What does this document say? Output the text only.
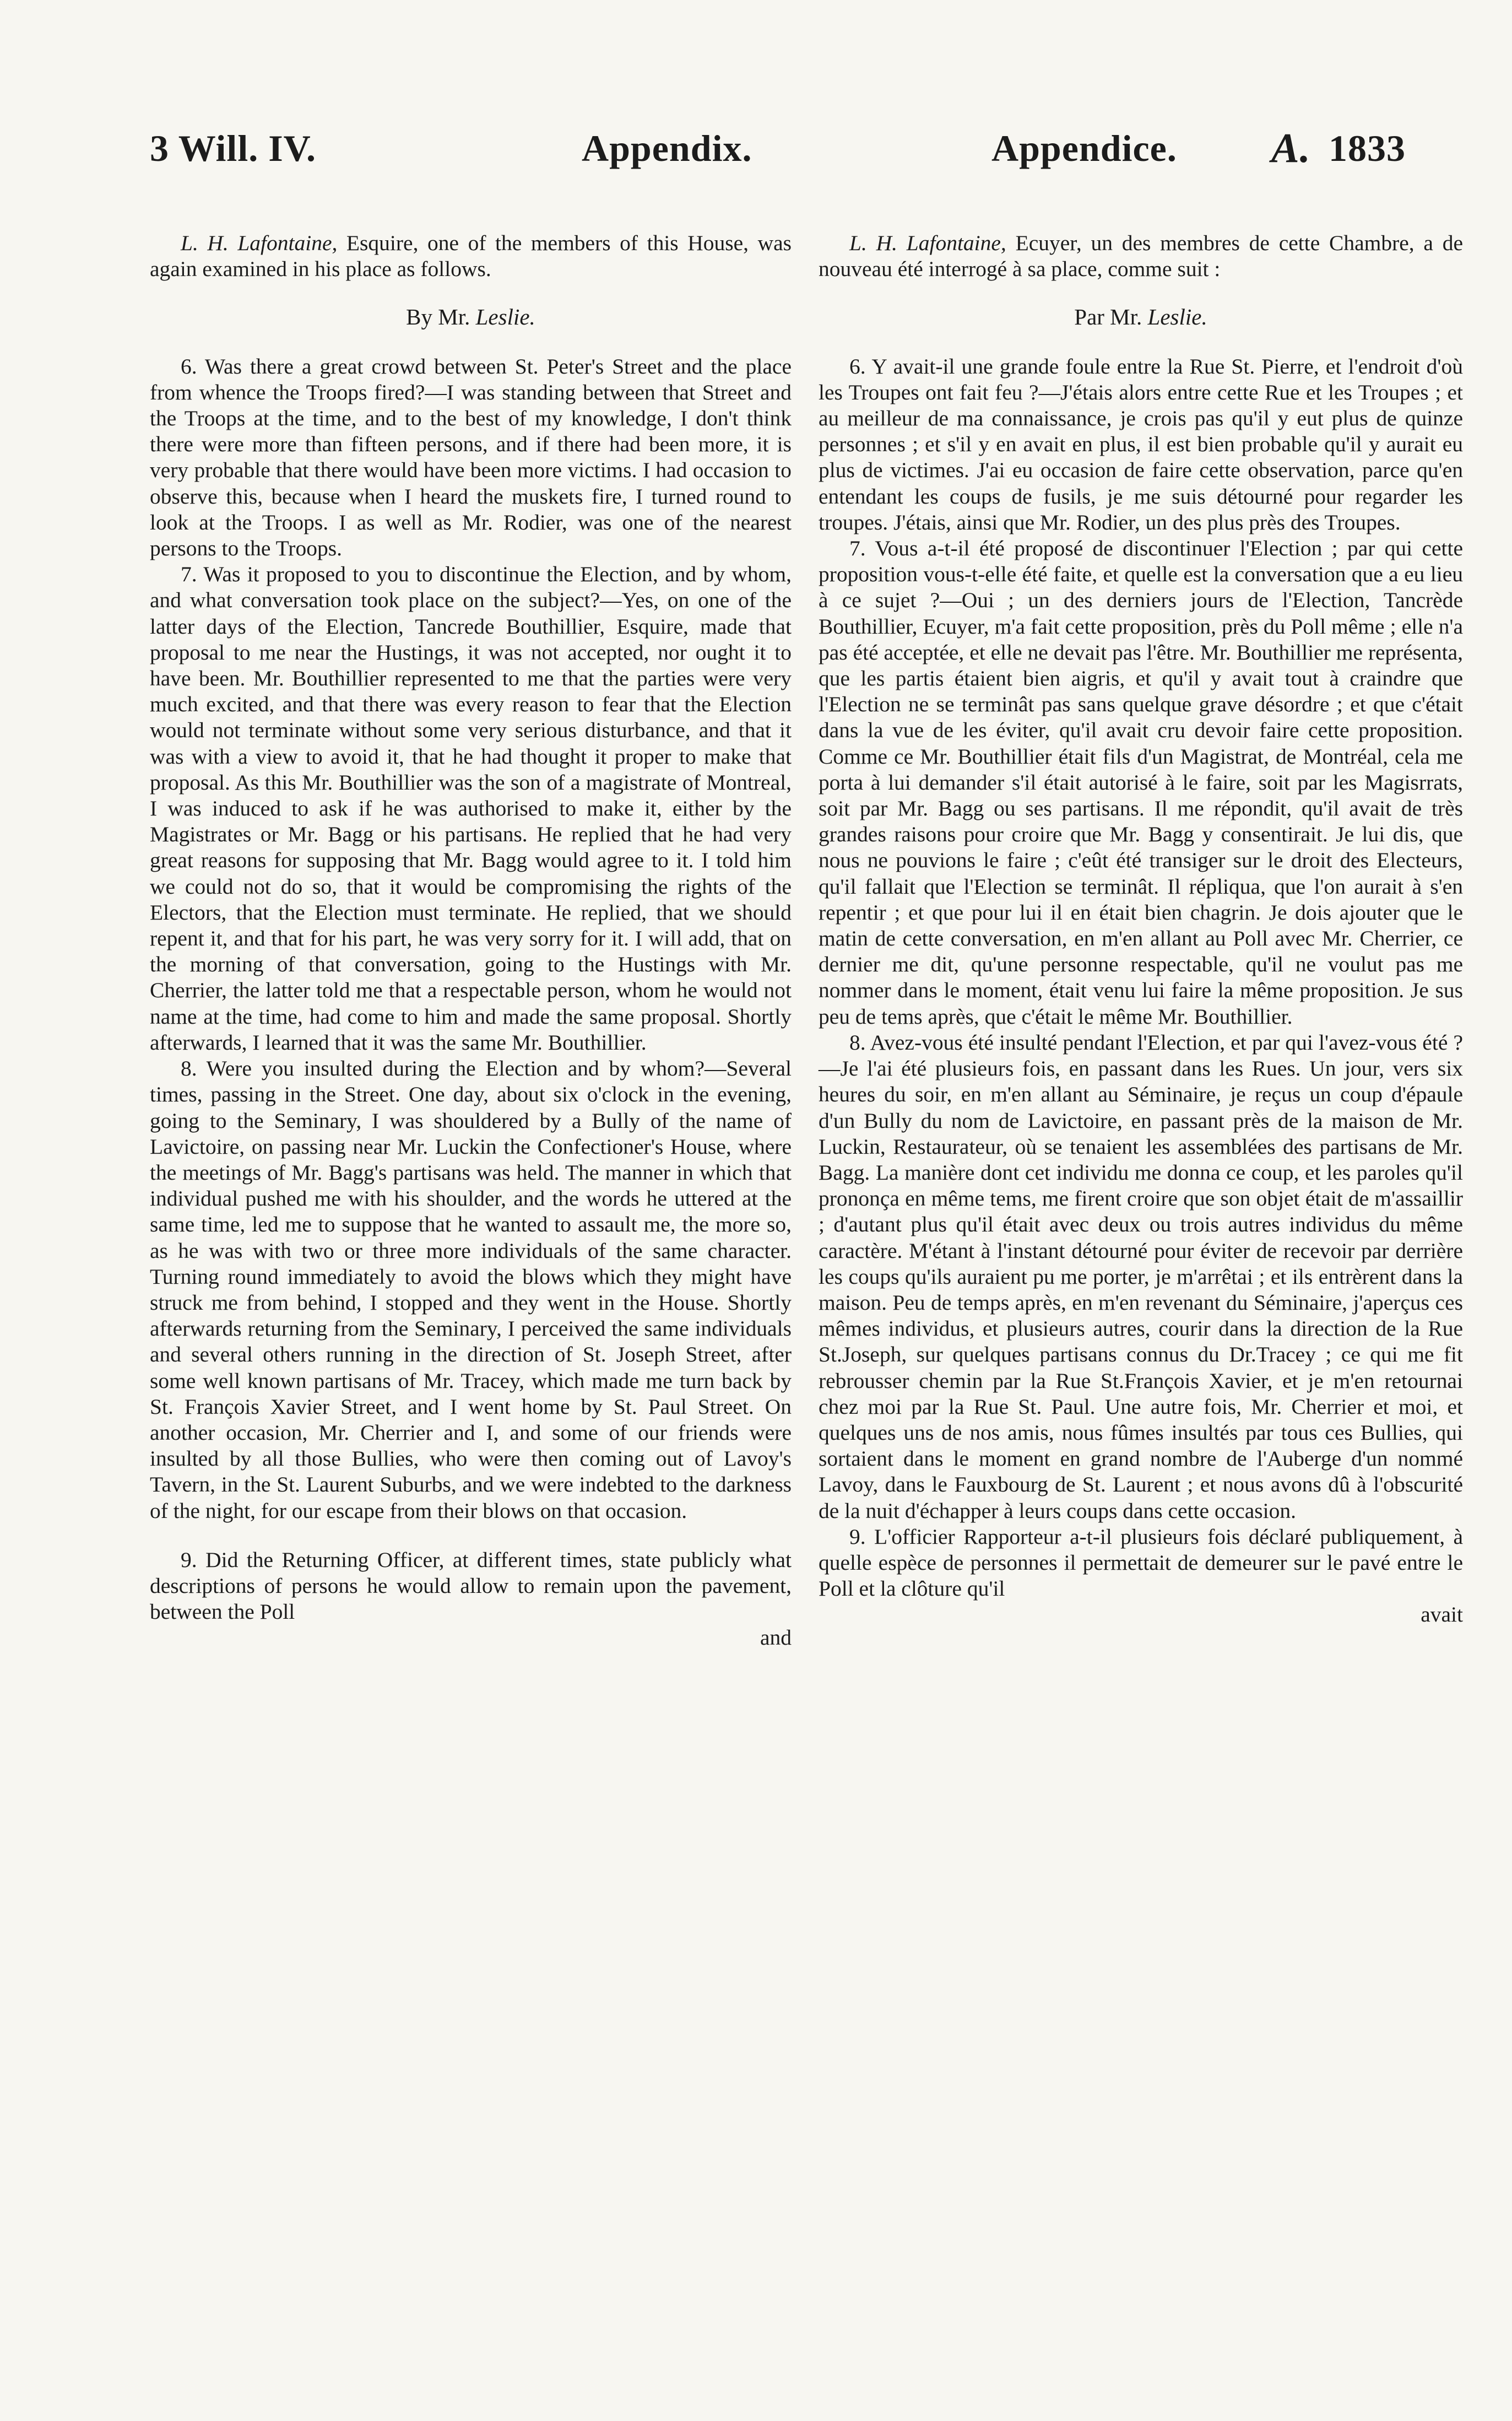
3 Will. IV.	Appendix.	Appendice. A. 1833

L. H. Lafontaine, Esquire, one of the members of this House, was again examined in his place as follows.

By Mr. Leslie.

6. Was there a great crowd between St. Peter's Street and the place from whence the Troops fired?—I was standing between that Street and the Troops at the time, and to the best of my knowledge, I don't think there were more than fifteen persons, and if there had been more, it is very probable that there would have been more victims. I had occasion to observe this, because when I heard the muskets fire, I turned round to look at the Troops. I as well as Mr. Rodier, was one of the nearest persons to the Troops.

7. Was it proposed to you to discontinue the Election, and by whom, and what conversation took place on the subject?—Yes, on one of the latter days of the Election, Tancrede Bouthillier, Esquire, made that proposal to me near the Hustings, it was not accepted, nor ought it to have been. Mr. Bouthillier represented to me that the parties were very much excited, and that there was every reason to fear that the Election would not terminate without some very serious disturbance, and that it was with a view to avoid it, that he had thought it proper to make that proposal. As this Mr. Bouthillier was the son of a magistrate of Montreal, I was induced to ask if he was authorised to make it, either by the Magistrates or Mr. Bagg or his partisans. He replied that he had very great reasons for supposing that Mr. Bagg would agree to it. I told him we could not do so, that it would be compromising the rights of the Electors, that the Election must terminate. He replied, that we should repent it, and that for his part, he was very sorry for it. I will add, that on the morning of that conversation, going to the Hustings with Mr. Cherrier, the latter told me that a respectable person, whom he would not name at the time, had come to him and made the same proposal. Shortly afterwards, I learned that it was the same Mr. Bouthillier.

8. Were you insulted during the Election and by whom?—Several times, passing in the Street. One day, about six o'clock in the evening, going to the Seminary, I was shouldered by a Bully of the name of Lavictoire, on passing near Mr. Luckin the Confectioner's House, where the meetings of Mr. Bagg's partisans was held. The manner in which that individual pushed me with his shoulder, and the words he uttered at the same time, led me to suppose that he wanted to assault me, the more so, as he was with two or three more individuals of the same character. Turning round immediately to avoid the blows which they might have struck me from behind, I stopped and they went in the House. Shortly afterwards returning from the Seminary, I perceived the same individuals and several others running in the direction of St. Joseph Street, after some well known partisans of Mr. Tracey, which made me turn back by St. François Xavier Street, and I went home by St. Paul Street. On another occasion, Mr. Cherrier and I, and some of our friends were insulted by all those Bullies, who were then coming out of Lavoy's Tavern, in the St. Laurent Suburbs, and we were indebted to the darkness of the night, for our escape from their blows on that occasion.

9. Did the Returning Officer, at different times, state publicly what descriptions of persons he would allow to remain upon the pavement, between the Poll

and

L. H. Lafontaine, Ecuyer, un des membres de cette Chambre, a de nouveau été interrogé à sa place, comme suit :

Par Mr. Leslie.

6. Y avait-il une grande foule entre la Rue St. Pierre, et l'endroit d'où les Troupes ont fait feu ?—J'étais alors entre cette Rue et les Troupes ; et au meilleur de ma connaissance, je crois pas qu'il y eut plus de quinze personnes ; et s'il y en avait en plus, il est bien probable qu'il y aurait eu plus de victimes. J'ai eu occasion de faire cette observation, parce qu'en entendant les coups de fusils, je me suis détourné pour regarder les troupes. J'étais, ainsi que Mr. Rodier, un des plus près des Troupes.

7. Vous a-t-il été proposé de discontinuer l'Election ; par qui cette proposition vous-t-elle été faite, et quelle est la conversation que a eu lieu à ce sujet ?—Oui ; un des derniers jours de l'Election, Tancrède Bouthillier, Ecuyer, m'a fait cette proposition, près du Poll même ; elle n'a pas été acceptée, et elle ne devait pas l'être. Mr. Bouthillier me représenta, que les partis étaient bien aigris, et qu'il y avait tout à craindre que l'Election ne se terminât pas sans quelque grave désordre ; et que c'était dans la vue de les éviter, qu'il avait cru devoir faire cette proposition. Comme ce Mr. Bouthillier était fils d'un Magistrat, de Montréal, cela me porta à lui demander s'il était autorisé à le faire, soit par les Magisrrats, soit par Mr. Bagg ou ses partisans. Il me répondit, qu'il avait de très grandes raisons pour croire que Mr. Bagg y consentirait. Je lui dis, que nous ne pouvions le faire ; c'eût été transiger sur le droit des Electeurs, qu'il fallait que l'Election se terminât. Il répliqua, que l'on aurait à s'en repentir ; et que pour lui il en était bien chagrin. Je dois ajouter que le matin de cette conversation, en m'en allant au Poll avec Mr. Cherrier, ce dernier me dit, qu'une personne respectable, qu'il ne voulut pas me nommer dans le moment, était venu lui faire la même proposition. Je sus peu de tems après, que c'était le même Mr. Bouthillier.

8. Avez-vous été insulté pendant l'Election, et par qui l'avez-vous été ?—Je l'ai été plusieurs fois, en passant dans les Rues. Un jour, vers six heures du soir, en m'en allant au Séminaire, je reçus un coup d'épaule d'un Bully du nom de Lavictoire, en passant près de la maison de Mr. Luckin, Restaurateur, où se tenaient les assemblées des partisans de Mr. Bagg. La manière dont cet individu me donna ce coup, et les paroles qu'il prononça en même tems, me firent croire que son objet était de m'assaillir ; d'autant plus qu'il était avec deux ou trois autres individus du même caractère. M'étant à l'instant détourné pour éviter de recevoir par derrière les coups qu'ils auraient pu me porter, je m'arrêtai ; et ils entrèrent dans la maison. Peu de temps après, en m'en revenant du Séminaire, j'aperçus ces mêmes individus, et plusieurs autres, courir dans la direction de la Rue St.Joseph, sur quelques partisans connus du Dr.Tracey ; ce qui me fit rebrousser chemin par la Rue St.François Xavier, et je m'en retournai chez moi par la Rue St. Paul. Une autre fois, Mr. Cherrier et moi, et quelques uns de nos amis, nous fûmes insultés par tous ces Bullies, qui sortaient dans le moment en grand nombre de l'Auberge d'un nommé Lavoy, dans le Fauxbourg de St. Laurent ; et nous avons dû à l'obscurité de la nuit d'échapper à leurs coups dans cette occasion.

9. L'officier Rapporteur a-t-il plusieurs fois déclaré publiquement, à quelle espèce de personnes il permettait de demeurer sur le pavé entre le Poll et la clôture qu'il

avait
